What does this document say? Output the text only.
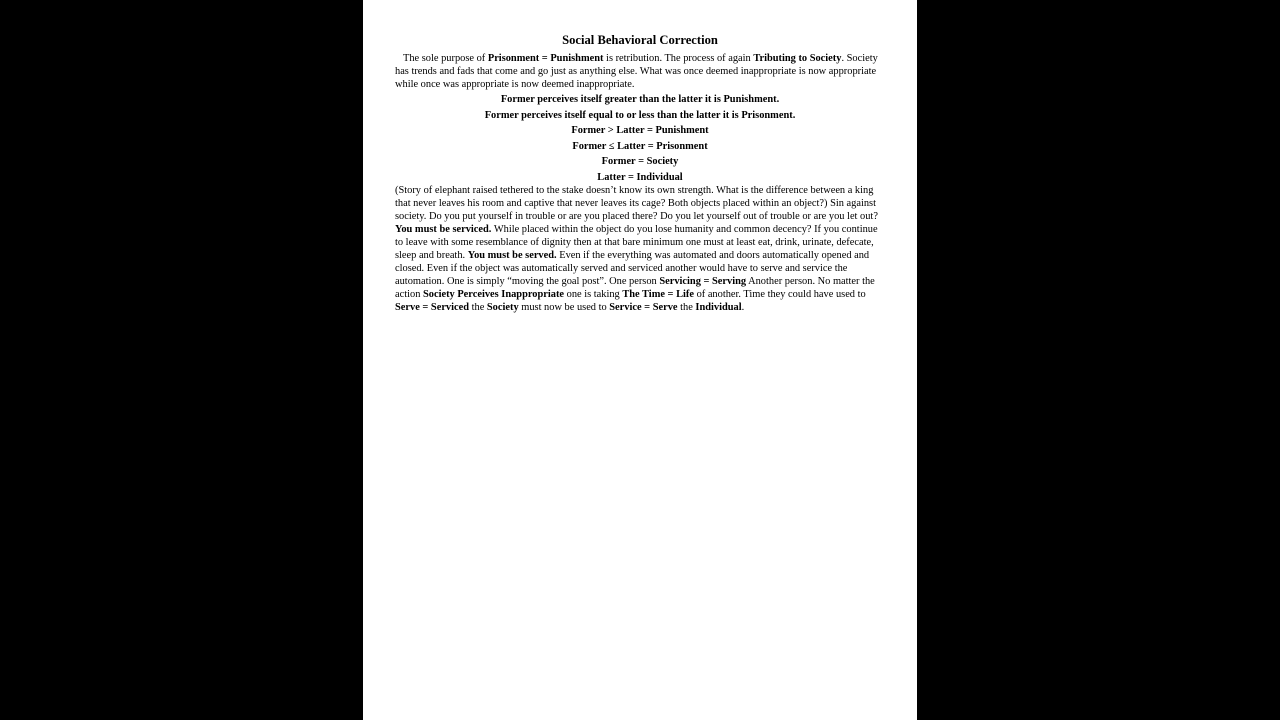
Social Behavioral Correction

The sole purpose of Prisonment = Punishment is retribution. The process of again Tributing to Society. Society has trends and fads that come and go just as anything else. What was once deemed inappropriate is now appropriate while once was appropriate is now deemed inappropriate.

Former perceives itself greater than the latter it is Punishment.
Former perceives itself equal to or less than the latter it is Prisonment.
Former > Latter = Punishment
Former ≤ Latter = Prisonment
Former = Society
Latter = Individual

(Story of elephant raised tethered to the stake doesn’t know its own strength. What is the difference between a king that never leaves his room and captive that never leaves its cage? Both objects placed within an object?) Sin against society. Do you put yourself in trouble or are you placed there? Do you let yourself out of trouble or are you let out?

You must be serviced. While placed within the object do you lose humanity and common decency? If you continue to leave with some resemblance of dignity then at that bare minimum one must at least eat, drink, urinate, defecate, sleep and breath. You must be served. Even if the everything was automated and doors automatically opened and closed. Even if the object was automatically served and serviced another would have to serve and service the automation. One is simply “moving the goal post”. One person Servicing = Serving Another person. No matter the action Society Perceives Inappropriate one is taking The Time = Life of another. Time they could have used to Serve = Serviced the Society must now be used to Service = Serve the Individual.
